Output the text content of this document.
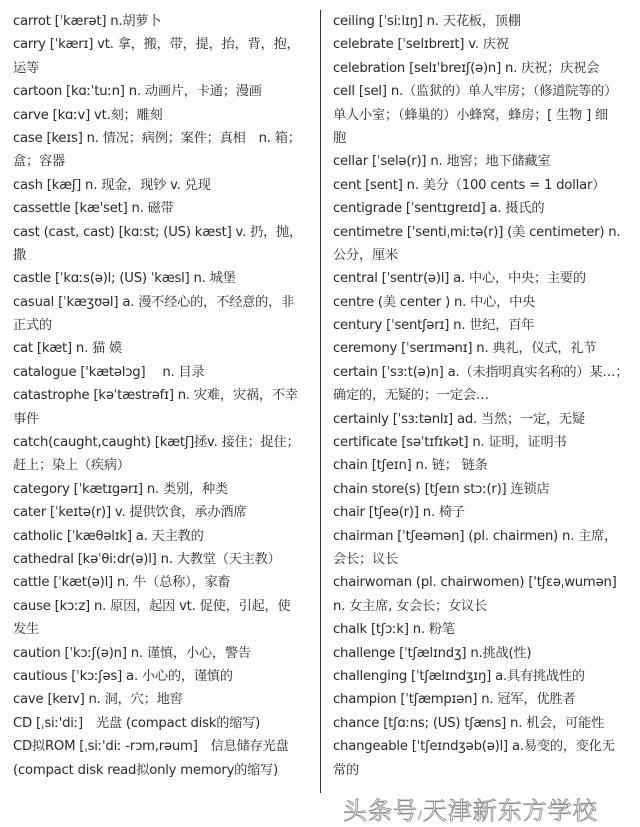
carrot [ˈkærət] n.胡萝卜
carry [ˈkærɪ] vt. 拿，搬，带，提，抬，背，抱，
运等
cartoon [kɑːˈtuːn] n. 动画片，卡通；漫画
carve [kɑːv] vt.刻；雕刻
case [keɪs] n. 情况；病例；案件；真相　n. 箱；
盒；容器
cash [kæʃ] n. 现金，现钞 v. 兑现
cassettle [kæ'set] n. 磁带
cast (cast, cast) [kɑːst; (US) kæst] v. 扔，抛，
撒
castle [ˈkɑːs(ə)l; (US) ˈkæsl] n. 城堡
casual [ˈkæʒʊəl] a. 漫不经心的，不经意的，非
正式的
cat [kæt] n. 猫 嫫
catalogue ['kætəlɔg]　 n. 目录
catastrophe [kəˈtæstrəfɪ] n. 灾难，灾祸，不幸
事件
catch(caught,caught) [kætʃ]拯v. 接住；捉住；
赶上；染上（疾病）
category [ˈkætɪgərɪ] n. 类别，种类
cater [ˈkeɪtə(r)] v. 提供饮食，承办酒席
catholic [ˈkæθəlɪk] a. 天主教的
cathedral [kəˈθiːdr(ə)l] n. 大教堂（天主教）
cattle [ˈkæt(ə)l] n. 牛（总称），家畜
cause [kɔːz] n. 原因，起因 vt. 促使，引起，使
发生
caution [ˈkɔːʃ(ə)n] n. 谨慎，小心，警告
cautious [ˈkɔːʃəs] a. 小心的，谨慎的
cave [keɪv] n. 洞，穴；地窖
CD [ˌsiː'diː]　光盘 (compact disk的缩写)
CD拟ROM [ˌsiː'diː -rɔm,rəum]　信息储存光盘
(compact disk read拟only memory的缩写)
ceiling [ˈsiːlɪŋ] n. 天花板，顶棚
celebrate [ˈselɪbreɪt] v. 庆祝
celebration [selɪˈbreɪʃ(ə)n] n. 庆祝；庆祝会
cell [sel] n.（监狱的）单人牢房；（修道院等的）
单人小室；（蜂巢的）小蜂窝，蜂房；[ 生物 ] 细
胞
cellar [ˈselə(r)] n. 地窖；地下储藏室
cent [sent] n. 美分（100 cents = 1 dollar）
centigrade [ˈsentɪgreɪd] a. 摄氏的
centimetre ['sentiˌmiːtə(r)] (美 centimeter) n.
公分，厘米
central [ˈsentr(ə)l] a. 中心，中央；主要的
centre (美 center ) n. 中心，中央
century [ˈsentʃərɪ] n. 世纪，百年
ceremony [ˈserɪmənɪ] n. 典礼，仪式，礼节
certain [ˈsɜːt(ə)n] a.（未指明真实名称的）某…；
确定的，无疑的；一定会…
certainly [ˈsɜːtənlɪ] ad. 当然；一定，无疑
certificate [səˈtɪfɪkət] n. 证明，证明书
chain [tʃeɪn] n. 链； 链条
chain store(s) [tʃeɪn stɔː(r)] 连锁店
chair [tʃeə(r)] n. 椅子
chairman [ˈtʃeəmən] (pl. chairmen) n. 主席，
会长；议长
chairwoman (pl. chairwomen) ['tʃɛəˌwumən]
n. 女主席, 女会长；女议长
chalk [tʃɔːk] n. 粉笔
challenge [ˈtʃælɪndʒ] n.挑战(性)
challenging [ˈtʃælɪndʒɪŋ] a.具有挑战性的
champion [ˈtʃæmpɪən] n. 冠军，优胜者
chance [tʃɑːns; (US) tʃæns] n. 机会，可能性
changeable [ˈtʃeɪndʒəb(ə)l] a.易变的，变化无
常的
头条号/天津新东方学校
